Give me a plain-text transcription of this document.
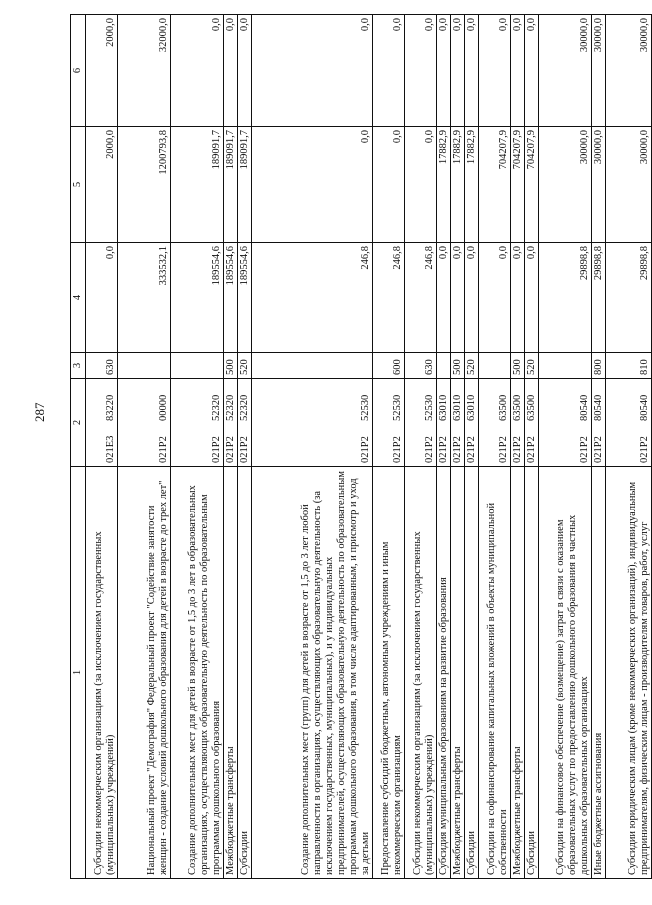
287
1	2	3	4	5	6
Субсидии некоммерческим организациям (за исключением государственных (муниципальных) учреждений)	021E383220	630	0,0	2000,0	2000,0
Национальный проект "Демография" Федеральный проект "Содействие занятости женщин - создание условий дошкольного образования для детей в возрасте до трех лет"	021P200000		333532,1	1200793,8	32000,0
Создание дополнительных мест для детей в возрасте от 1,5 до 3 лет в образовательных организациях, осуществляющих образовательную деятельность по образовательным программам дошкольного образования	021P252320		189554,6	189091,7	0,0
Межбюджетные трансферты	021P252320	500	189554,6	189091,7	0,0
Субсидии	021P252320	520	189554,6	189091,7	0,0
Создание дополнительных мест (групп) для детей в возрасте от 1,5 до 3 лет любой направленности в организациях, осуществляющих образовательную деятельность (за исключением государственных, муниципальных), и у индивидуальных предпринимателей, осуществляющих образовательную деятельность по образовательным программам дошкольного образования, в том числе адаптированным, и присмотр и уход за детьми	021P252530		246,8	0,0	0,0
Предоставление субсидий бюджетным, автономным учреждениям и иным некоммерческим организациям	021P252530	600	246,8	0,0	0,0
Субсидии некоммерческим организациям (за исключением государственных (муниципальных) учреждений)	021P252530	630	246,8	0,0	0,0
Субсидия муниципальным образованиям на развитие образования	021P263010		0,0	17882,9	0,0
Межбюджетные трансферты	021P263010	500	0,0	17882,9	0,0
Субсидии	021P263010	520	0,0	17882,9	0,0
Субсидии на софинансирование капитальных вложений в объекты муниципальной собственности	021P263500		0,0	704207,9	0,0
Межбюджетные трансферты	021P263500	500	0,0	704207,9	0,0
Субсидии	021P263500	520	0,0	704207,9	0,0
Субсидии на финансовое обеспечение (возмещение) затрат в связи с оказанием образовательных услуг по предоставлению дошкольного образования в частных дошкольных образовательных организациях	021P280540		29898,8	30000,0	30000,0
Иные бюджетные ассигнования	021P280540	800	29898,8	30000,0	30000,0
Субсидии юридическим лицам (кроме некоммерческих организаций), индивидуальным предпринимателям, физическим лицам - производителям товаров, работ, услуг	021P280540	810	29898,8	30000,0	30000,0
